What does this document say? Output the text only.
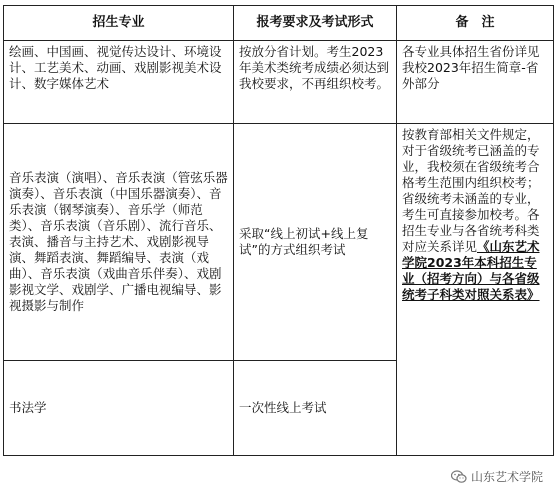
招生专业	报考要求及考试形式	备　注
绘画、中国画、视觉传达设计、环境设计、工艺美术、动画、戏剧影视美术设计、数字媒体艺术	按放分省计划。考生2023年美术类统考成绩必须达到我校要求，不再组织校考。	各专业具体招生省份详见我校2023年招生简章-省外部分
音乐表演（演唱）、音乐表演（管弦乐器演奏）、音乐表演（中国乐器演奏）、音乐表演（钢琴演奏）、音乐学（师范类）、音乐表演（音乐剧）、流行音乐、表演、播音与主持艺术、戏剧影视导演、舞蹈表演、舞蹈编导、表演（戏曲）、音乐表演（戏曲音乐伴奏）、戏剧影视文学、戏剧学、广播电视编导、影视摄影与制作	采取“线上初试+线上复试”的方式组织考试	按教育部相关文件规定，对于省级统考已涵盖的专业，我校须在省级统考合格考生范围内组织校考；省级统考未涵盖的专业，考生可直接参加校考。各招生专业与各省统考科类对应关系详见《山东艺术学院2023年本科招生专业（招考方向）与各省级统考子科类对照关系表》
书法学	一次性线上考试	
山东艺术学院
